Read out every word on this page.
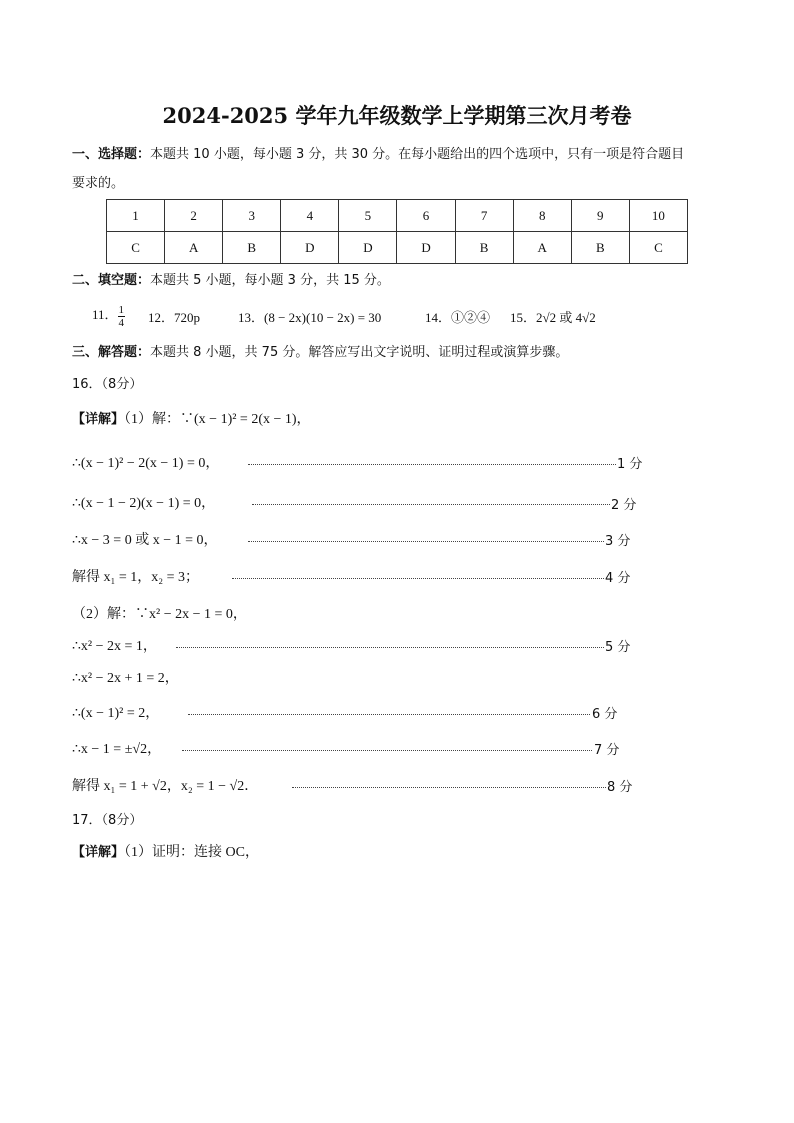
2024-2025 学年九年级数学上学期第三次月考卷
一、选择题：本题共 10 小题，每小题 3 分，共 30 分。在每小题给出的四个选项中，只有一项是符合题目
要求的。
1	2	3	4	5	6	7	8	9	10
C	A	B	D	D	D	B	A	B	C
二、填空题：本题共 5 小题，每小题 3 分，共 15 分。
11． $\frac{1}{4} 12$．720p	13．(8 − 2x)(10 − 2x) = 30	14．①②④ 15．2√2 或 4√2
三、解答题：本题共 8 小题，共 75 分。解答应写出文字说明、证明过程或演算步骤。
16．（8分）
【详解】（1）解：∵(x − 1)² = 2(x − 1)，
∴(x − 1)² − 2(x − 1) = 0，	1 分
∴(x − 1 − 2)(x − 1) = 0，	2 分
∴x − 3 = 0 或 x − 1 = 0，	3 分
解得 x₁ = 1，x₂ = 3；	4 分
（2）解：∵x² − 2x − 1 = 0，
∴x² − 2x = 1，	5 分
∴x² − 2x + 1 = 2，
∴(x − 1)² = 2，	6 分
∴x − 1 = ±√2，	7 分
解得 x₁ = 1 + √2，x₂ = 1 − √2．	8 分
17．（8分）
【详解】（1）证明：连接 OC，
